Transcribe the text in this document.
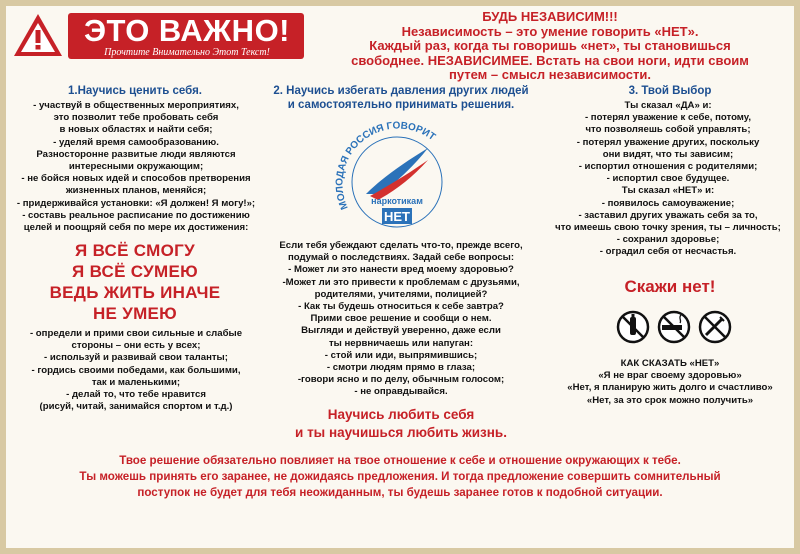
ЭТО ВАЖНО!
Прочтите Внимательно Этот Текст!
БУДЬ НЕЗАВИСИМ!!!
Независимость – это умение говорить «НЕТ».
Каждый раз, когда ты говоришь «нет», ты становишься
свободнее. НЕЗАВИСИМЕЕ. Встать на свои ноги, идти своим
путем – смысл независимости.
1.Научись ценить себя.
- участвуй в общественных мероприятиях,
это позволит тебе пробовать себя
в новых областях и найти себя;
- уделяй время самообразованию.
Разносторонне развитые люди являются
интересными окружающим;
- не бойся новых идей и способов претворения
жизненных планов, меняйся;
- придерживайся установки: «Я должен! Я могу!»;
- составь реальное расписание по достижению
целей и поощряй себя по мере их достижения:
Я ВСЁ СМОГУ
Я ВСЁ СУМЕЮ
ВЕДЬ ЖИТЬ ИНАЧЕ
НЕ УМЕЮ
- определи и прими свои сильные и слабые
стороны – они есть у всех;
- используй и развивай свои таланты;
- гордись своими победами, как большими,
так и маленькими;
- делай то, что тебе нравится
(рисуй, читай, занимайся спортом и т.д.)
2. Научись избегать давления других людей
и самостоятельно принимать решения.
МОЛОДАЯ РОССИЯ ГОВОРИТ
наркотикам
НЕТ
Если тебя убеждают сделать что-то, прежде всего,
подумай о последствиях. Задай себе вопросы:
- Может ли это нанести вред моему здоровью?
-Может ли это привести к проблемам с друзьями,
родителями, учителями, полицией?
- Как ты будешь относиться к себе завтра?
Прими свое решение и сообщи о нем.
Выгляди и действуй уверенно, даже если
ты нервничаешь или напуган:
- стой или иди, выпрямившись;
- смотри людям прямо в глаза;
-говори ясно и по делу, обычным голосом;
- не оправдывайся.
Научись любить себя
и ты научишься любить жизнь.
3. Твой Выбор
Ты сказал «ДА» и:
- потерял уважение к себе, потому,
что позволяешь собой управлять;
- потерял уважение других, поскольку
они видят, что ты зависим;
- испортил отношения с родителями;
- испортил свое будущее.
Ты сказал «НЕТ» и:
- появилось самоуважение;
- заставил других уважать себя за то,
что имеешь свою точку зрения, ты – личность;
- сохранил здоровье;
- оградил себя от несчастья.
Скажи нет!
КАК СКАЗАТЬ «НЕТ»
«Я не враг своему здоровью»
«Нет, я планирую жить долго и счастливо»
«Нет, за это срок можно получить»
Твое решение обязательно повлияет на твое отношение к себе и отношение окружающих к тебе.
Ты можешь принять его заранее, не дожидаясь предложения. И тогда предложение совершить сомнительный
поступок не будет для тебя неожиданным, ты будешь заранее готов к подобной ситуации.
